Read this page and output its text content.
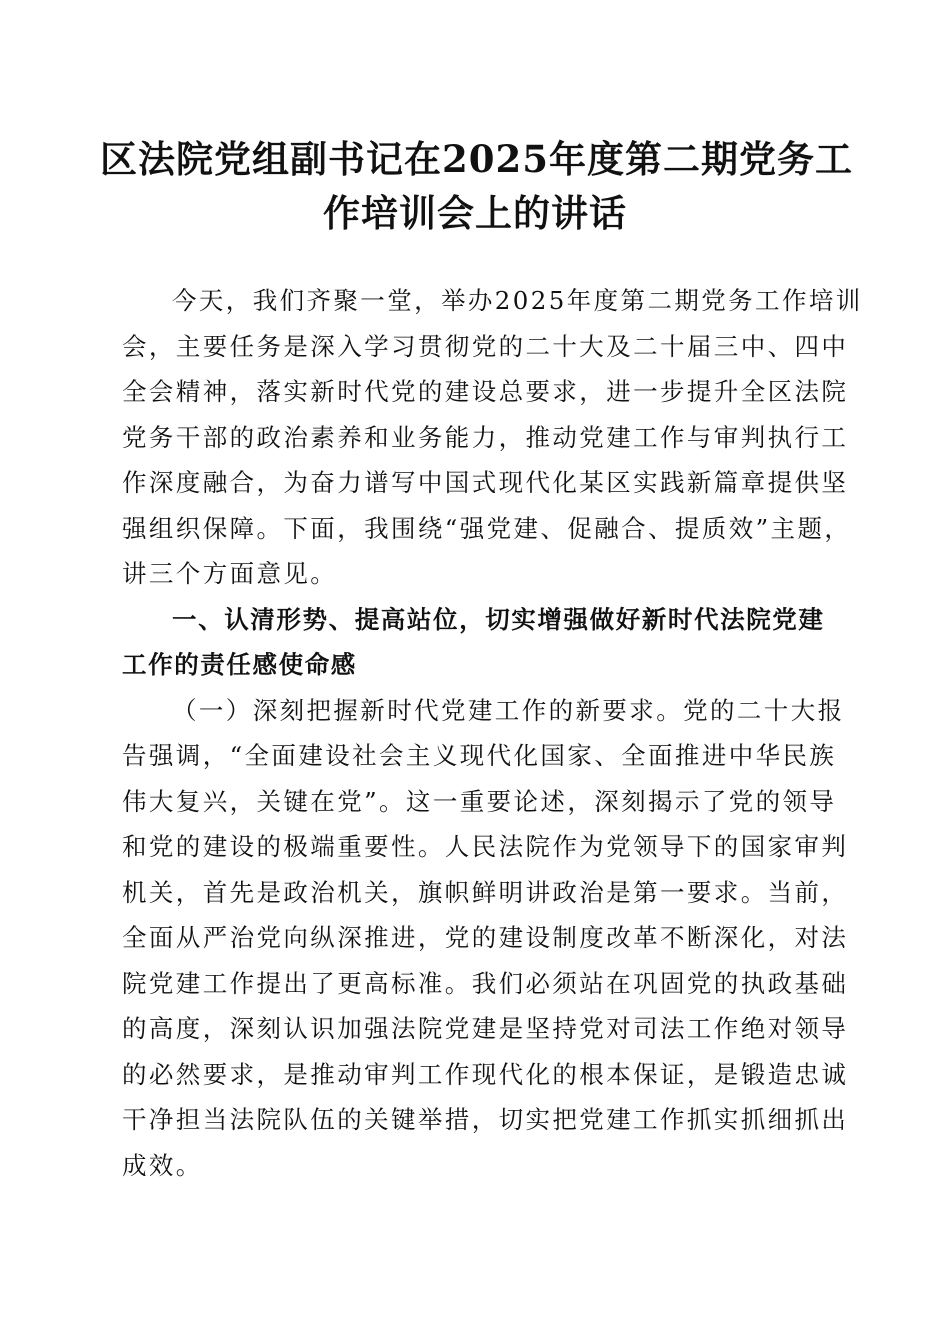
区法院党组副书记在2025年度第二期党务工
作培训会上的讲话
今天，我们齐聚一堂，举办2025年度第二期党务工作培训
会，主要任务是深入学习贯彻党的二十大及二十届三中、四中
全会精神，落实新时代党的建设总要求，进一步提升全区法院
党务干部的政治素养和业务能力，推动党建工作与审判执行工
作深度融合，为奋力谱写中国式现代化某区实践新篇章提供坚
强组织保障。下面，我围绕“强党建、促融合、提质效”主题，
讲三个方面意见。
一、认清形势、提高站位，切实增强做好新时代法院党建
工作的责任感使命感
（一）深刻把握新时代党建工作的新要求。党的二十大报
告强调，“全面建设社会主义现代化国家、全面推进中华民族
伟大复兴，关键在党”。这一重要论述，深刻揭示了党的领导
和党的建设的极端重要性。人民法院作为党领导下的国家审判
机关，首先是政治机关，旗帜鲜明讲政治是第一要求。当前，
全面从严治党向纵深推进，党的建设制度改革不断深化，对法
院党建工作提出了更高标准。我们必须站在巩固党的执政基础
的高度，深刻认识加强法院党建是坚持党对司法工作绝对领导
的必然要求，是推动审判工作现代化的根本保证，是锻造忠诚
干净担当法院队伍的关键举措，切实把党建工作抓实抓细抓出
成效。
